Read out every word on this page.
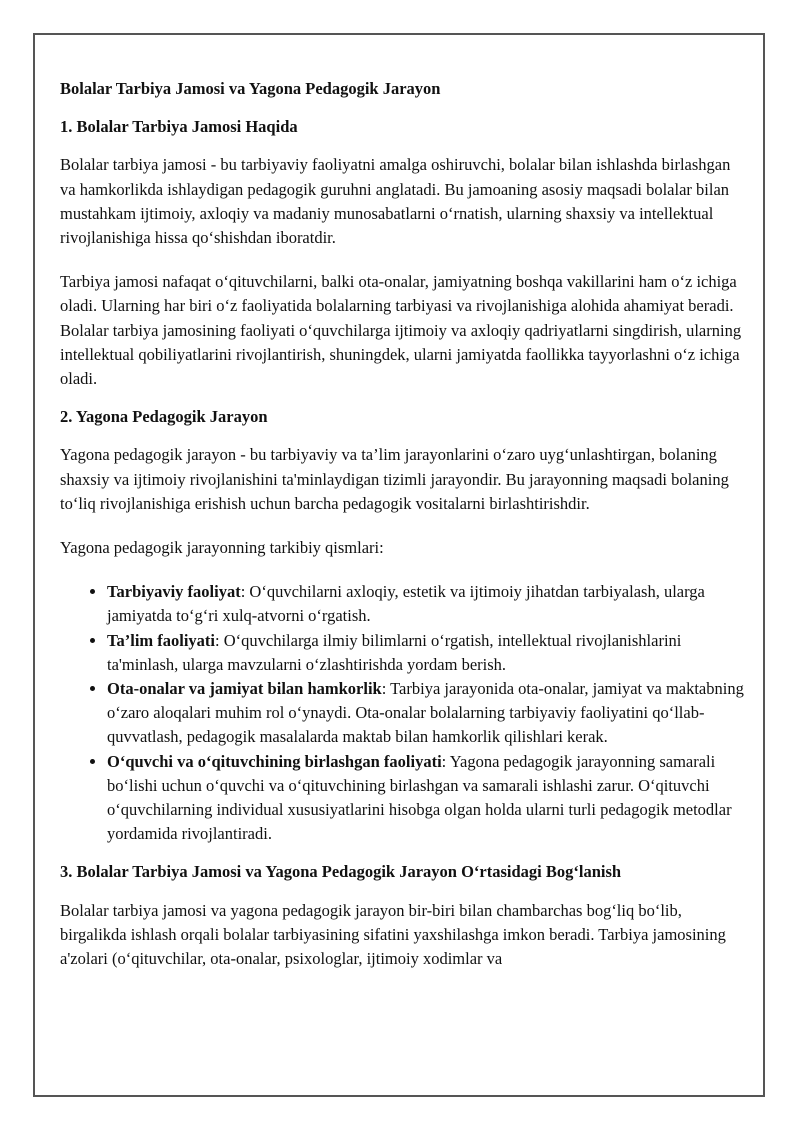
Bolalar Tarbiya Jamosi va Yagona Pedagogik Jarayon
1. Bolalar Tarbiya Jamosi Haqida

Bolalar tarbiya jamosi - bu tarbiyaviy faoliyatni amalga oshiruvchi, bolalar bilan ishlashda birlashgan va hamkorlikda ishlaydigan pedagogik guruhni anglatadi. Bu jamoaning asosiy maqsadi bolalar bilan mustahkam ijtimoiy, axloqiy va madaniy munosabatlarni oʻrnatish, ularning shaxsiy va intellektual rivojlanishiga hissa qoʻshishdan iboratdir.

Tarbiya jamosi nafaqat oʻqituvchilarni, balki ota-onalar, jamiyatning boshqa vakillarini ham oʻz ichiga oladi. Ularning har biri oʻz faoliyatida bolalarning tarbiyasi va rivojlanishiga alohida ahamiyat beradi. Bolalar tarbiya jamosining faoliyati oʻquvchilarga ijtimoiy va axloqiy qadriyatlarni singdirish, ularning intellektual qobiliyatlarini rivojlantirish, shuningdek, ularni jamiyatda faollikka tayyorlashni oʻz ichiga oladi.

2. Yagona Pedagogik Jarayon

Yagona pedagogik jarayon - bu tarbiyaviy va ta’lim jarayonlarini oʻzaro uygʻunlashtirgan, bolaning shaxsiy va ijtimoiy rivojlanishini ta'minlaydigan tizimli jarayondir. Bu jarayonning maqsadi bolaning toʻliq rivojlanishiga erishish uchun barcha pedagogik vositalarni birlashtirishdir.

Yagona pedagogik jarayonning tarkibiy qismlari:

• Tarbiyaviy faoliyat: Oʻquvchilarni axloqiy, estetik va ijtimoiy jihatdan tarbiyalash, ularga jamiyatda toʻgʻri xulq-atvorni oʻrgatish.
• Ta’lim faoliyati: Oʻquvchilarga ilmiy bilimlarni oʻrgatish, intellektual rivojlanishlarini ta'minlash, ularga mavzularni oʻzlashtirishda yordam berish.
• Ota-onalar va jamiyat bilan hamkorlik: Tarbiya jarayonida ota-onalar, jamiyat va maktabning oʻzaro aloqalari muhim rol oʻynaydi. Ota-onalar bolalarning tarbiyaviy faoliyatini qoʻllab-quvvatlash, pedagogik masalalarda maktab bilan hamkorlik qilishlari kerak.
• Oʻquvchi va oʻqituvchining birlashgan faoliyati: Yagona pedagogik jarayonning samarali boʻlishi uchun oʻquvchi va oʻqituvchining birlashgan va samarali ishlashi zarur. Oʻqituvchi oʻquvchilarning individual xususiyatlarini hisobga olgan holda ularni turli pedagogik metodlar yordamida rivojlantiradi.
3. Bolalar Tarbiya Jamosi va Yagona Pedagogik Jarayon Oʻrtasidagi Bogʻlanish

Bolalar tarbiya jamosi va yagona pedagogik jarayon bir-biri bilan chambarchas bogʻliq boʻlib, birgalikda ishlash orqali bolalar tarbiyasining sifatini yaxshilashga imkon beradi. Tarbiya jamosining a'zolari (oʻqituvchilar, ota-onalar, psixologlar, ijtimoiy xodimlar va
